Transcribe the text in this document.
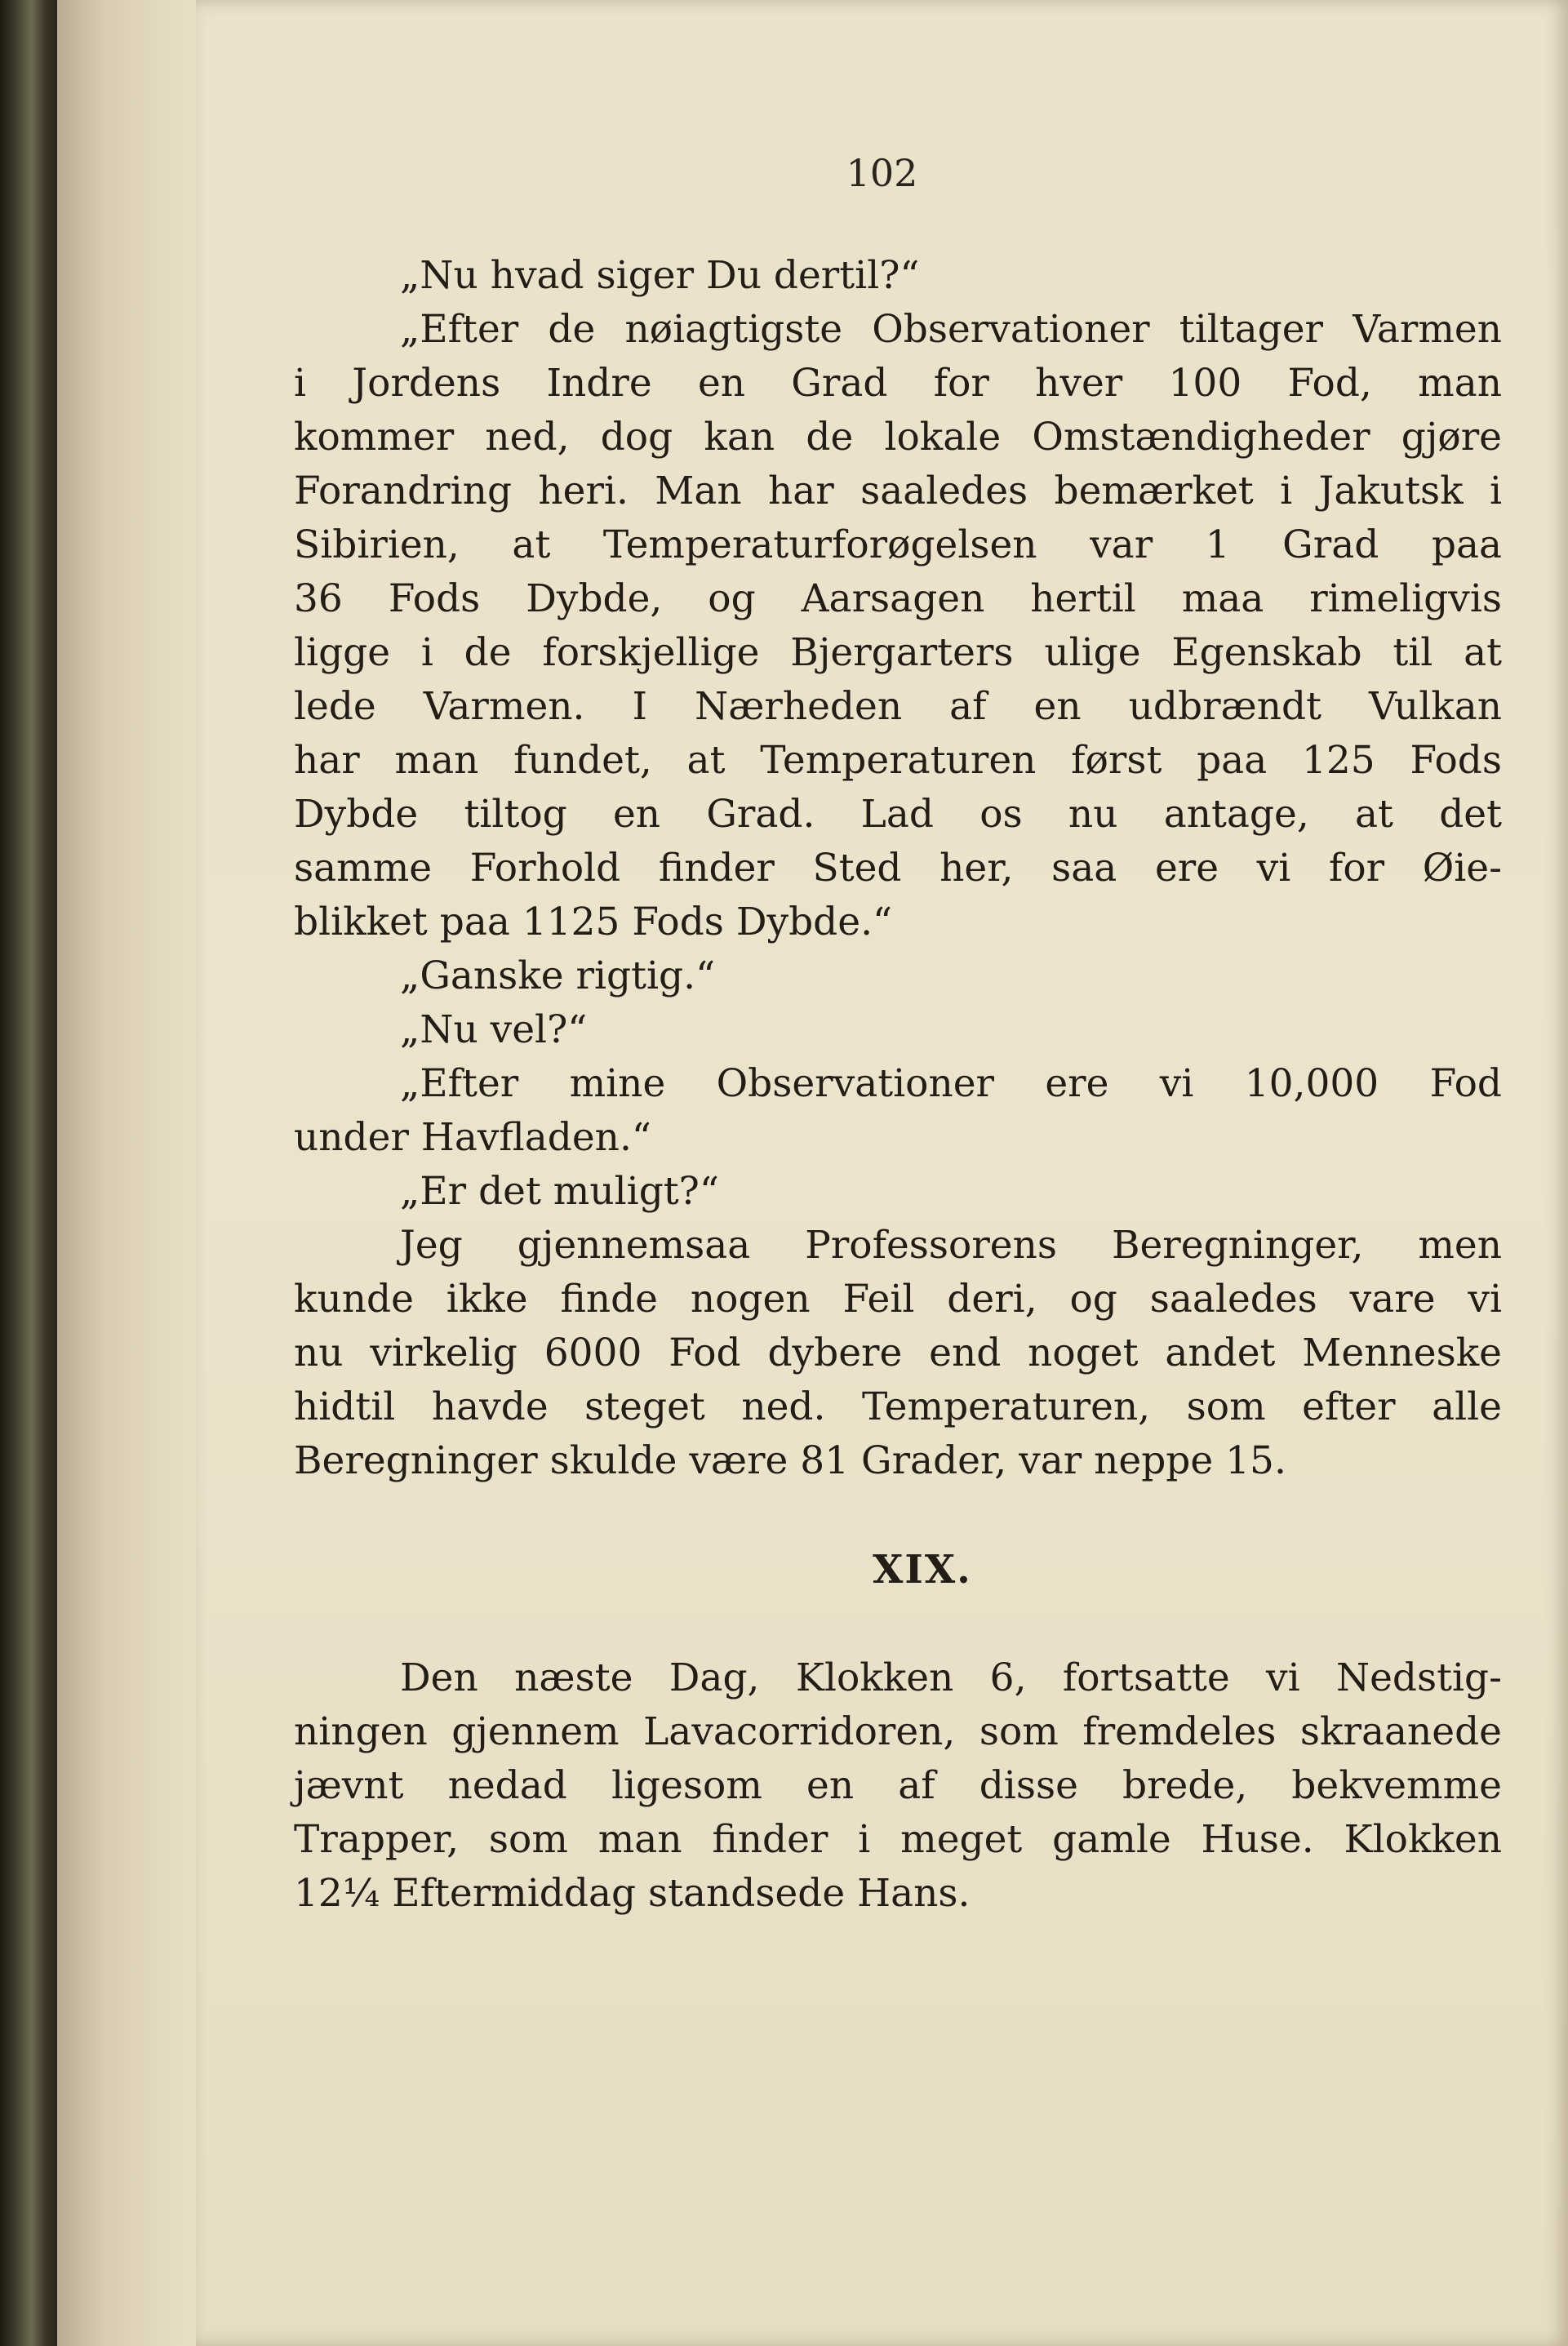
102
„Nu hvad siger Du dertil?“
„Efter de nøiagtigste Observationer tiltager Varmen
i Jordens Indre en Grad for hver 100 Fod, man
kommer ned, dog kan de lokale Omstændigheder gjøre
Forandring heri. Man har saaledes bemærket i Jakutsk i
Sibirien, at Temperaturforøgelsen var 1 Grad paa
36 Fods Dybde, og Aarsagen hertil maa rimeligvis
ligge i de forskjellige Bjergarters ulige Egenskab til at
lede Varmen. I Nærheden af en udbrændt Vulkan
har man fundet, at Temperaturen først paa 125 Fods
Dybde tiltog en Grad. Lad os nu antage, at det
samme Forhold finder Sted her, saa ere vi for Øie-
blikket paa 1125 Fods Dybde.“
„Ganske rigtig.“
„Nu vel?“
„Efter mine Observationer ere vi 10,000 Fod
under Havfladen.“
„Er det muligt?“
Jeg gjennemsaa Professorens Beregninger, men
kunde ikke finde nogen Feil deri, og saaledes vare vi
nu virkelig 6000 Fod dybere end noget andet Menneske
hidtil havde steget ned. Temperaturen, som efter alle
Beregninger skulde være 81 Grader, var neppe 15.
XIX.
Den næste Dag, Klokken 6, fortsatte vi Nedstig-
ningen gjennem Lavacorridoren, som fremdeles skraanede
jævnt nedad ligesom en af disse brede, bekvemme
Trapper, som man finder i meget gamle Huse. Klokken
12¼ Eftermiddag standsede Hans.
